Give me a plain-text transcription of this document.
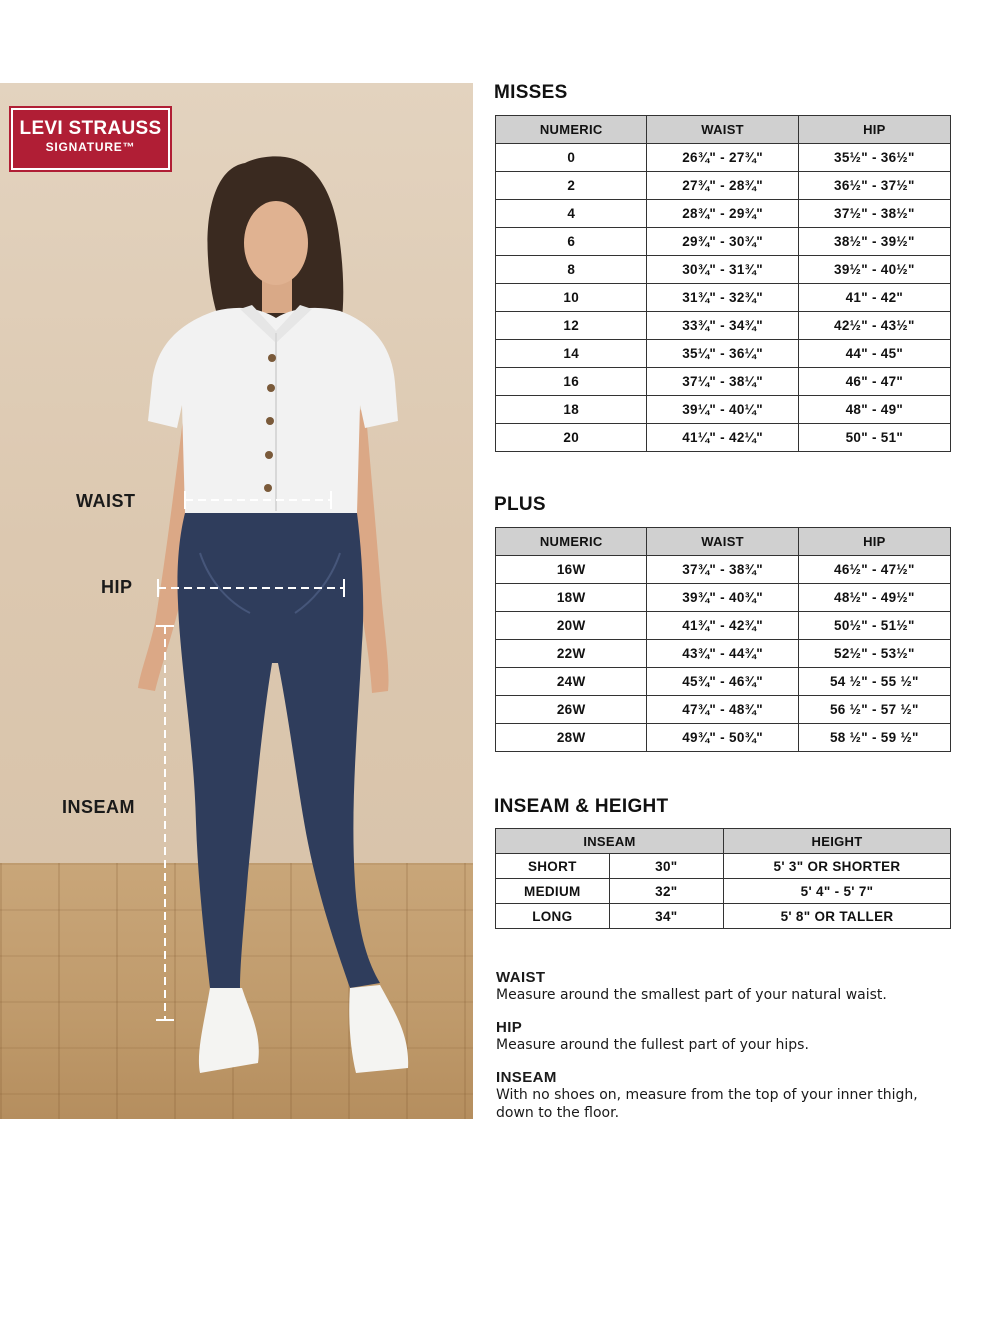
LEVI STRAUSS
SIGNATURE™
WAIST
HIP
INSEAM
MISSES
NUMERIC	WAIST	HIP
0	26¾" - 27¾"	35½" - 36½"
2	27¾" - 28¾"	36½" - 37½"
4	28¾" - 29¾"	37½" - 38½"
6	29¾" - 30¾"	38½" - 39½"
8	30¾" - 31¾"	39½" - 40½"
10	31¾" - 32¾"	41" - 42"
12	33¾" - 34¾"	42½" - 43½"
14	35¼" - 36¼"	44" - 45"
16	37¼" - 38¼"	46" - 47"
18	39¼" - 40¼"	48" - 49"
20	41¼" - 42¼"	50" - 51"
PLUS
NUMERIC	WAIST	HIP
16W	37¾" - 38¾"	46½" - 47½"
18W	39¾" - 40¾"	48½" - 49½"
20W	41¾" - 42¾"	50½" - 51½"
22W	43¾" - 44¾"	52½" - 53½"
24W	45¾" - 46¾"	54 ½" - 55 ½"
26W	47¾" - 48¾"	56 ½" - 57 ½"
28W	49¾" - 50¾"	58 ½" - 59 ½"
INSEAM & HEIGHT
INSEAM		HEIGHT
SHORT	30"	5' 3" OR SHORTER
MEDIUM	32"	5' 4" - 5' 7"
LONG	34"	5' 8" OR TALLER
WAIST
Measure around the smallest part of your natural waist.
HIP
Measure around the fullest part of your hips.
INSEAM
With no shoes on, measure from the top of your inner thigh, down to the floor.
